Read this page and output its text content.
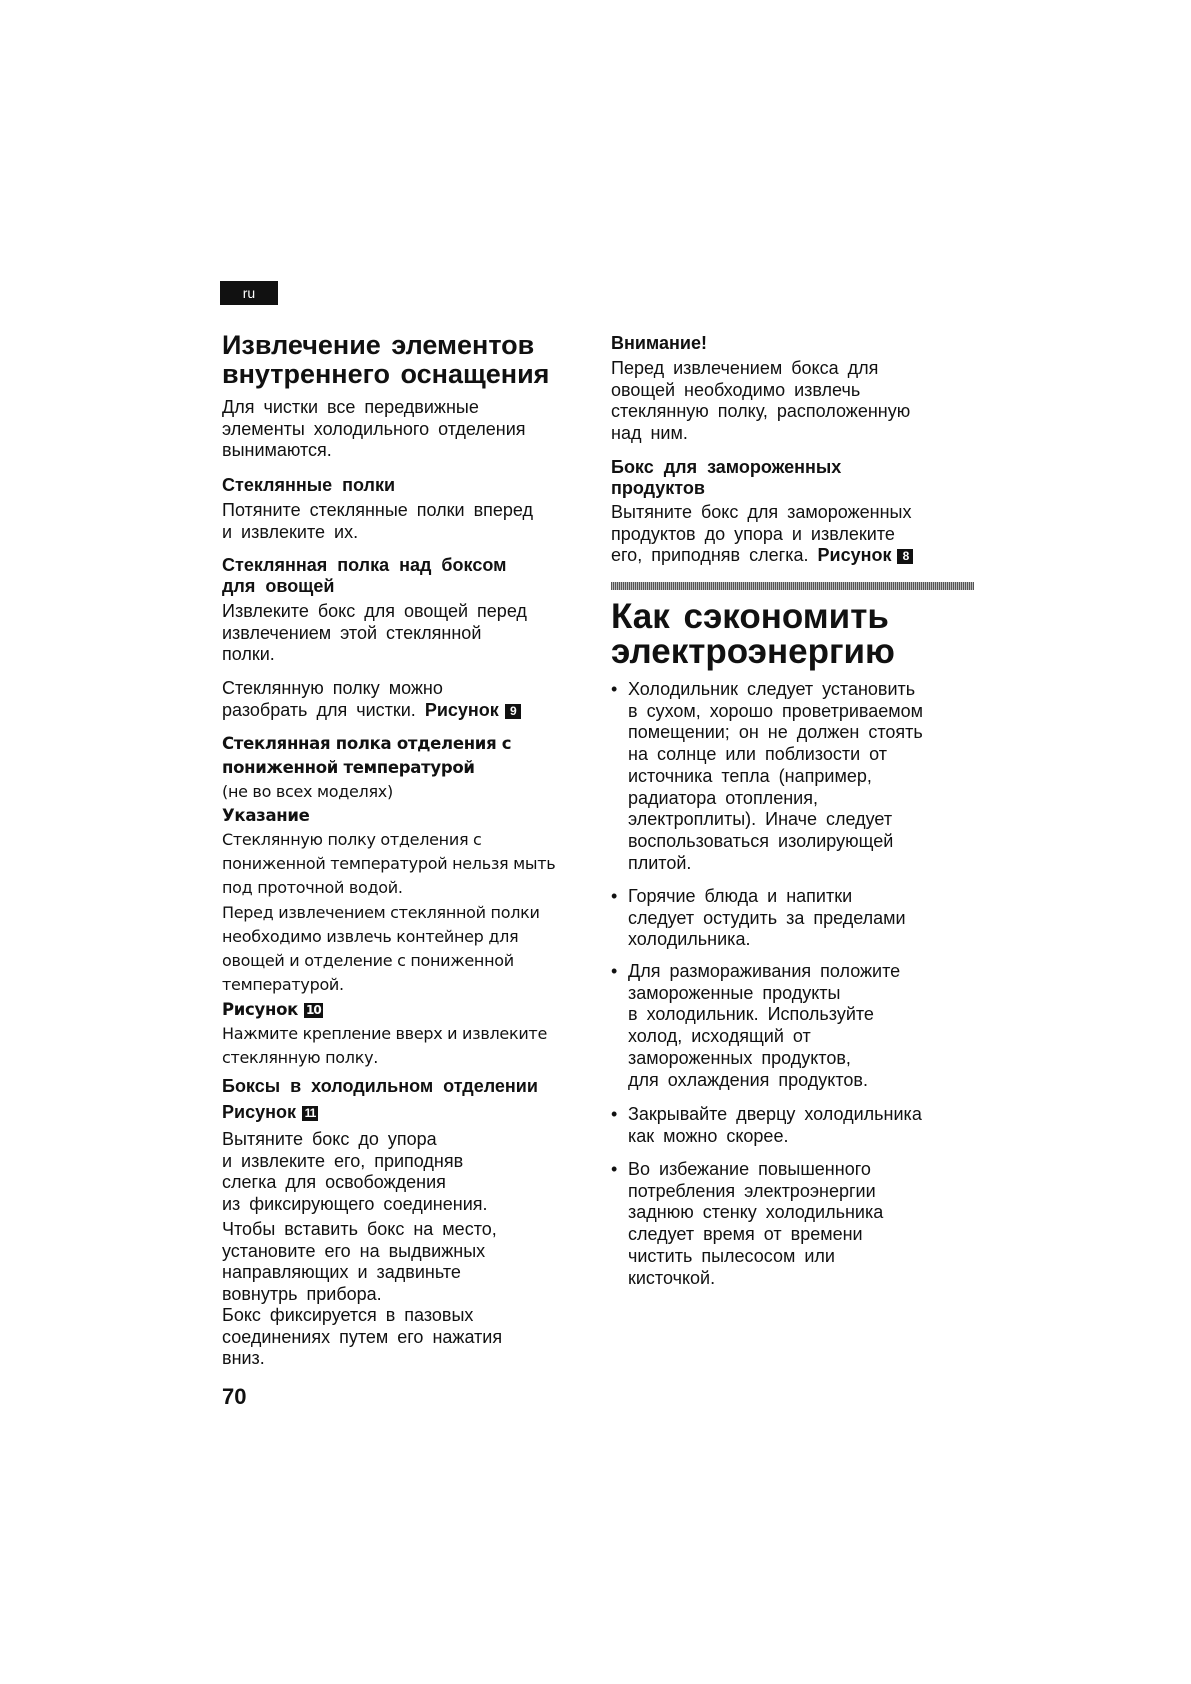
ru
Извлечение элементов
внутреннего оснащения
Для чистки все передвижные
элементы холодильного отделения
вынимаются.
Стеклянные полки
Потяните стеклянные полки вперед
и извлеките их.
Стеклянная полка над боксом
для овощей
Извлеките бокс для овощей перед
извлечением этой стеклянной
полки.
Стеклянную полку можно
разобрать для чистки. Рисунок 9
Стеклянная полка отделения с
пониженной температурой
(не во всех моделях)
Указание
Стеклянную полку отделения с
пониженной температурой нельзя мыть
под проточной водой.
Перед извлечением стеклянной полки
необходимо извлечь контейнер для
овощей и отделение с пониженной
температурой.
Рисунок 10
Нажмите крепление вверх и извлеките
стеклянную полку.
Боксы в холодильном отделении
Рисунок 11
Вытяните бокс до упора
и извлеките его, приподняв
слегка для освобождения
из фиксирующего соединения.
Чтобы вставить бокс на место,
установите его на выдвижных
направляющих и задвиньте
вовнутрь прибора.
Бокс фиксируется в пазовых
соединениях путем его нажатия
вниз.
70
Внимание!
Перед извлечением бокса для
овощей необходимо извлечь
стеклянную полку, расположенную
над ним.
Бокс для замороженных
продуктов
Вытяните бокс для замороженных
продуктов до упора и извлеките
его, приподняв слегка. Рисунок 8
Как сэкономить
электроэнергию
• Холодильник следует установить
в сухом, хорошо проветриваемом
помещении; он не должен стоять
на солнце или поблизости от
источника тепла (например,
радиатора отопления,
электроплиты). Иначе следует
воспользоваться изолирующей
плитой.
• Горячие блюда и напитки
следует остудить за пределами
холодильника.
• Для размораживания положите
замороженные продукты
в холодильник. Используйте
холод, исходящий от
замороженных продуктов,
для охлаждения продуктов.
• Закрывайте дверцу холодильника
как можно скорее.
• Во избежание повышенного
потребления электроэнергии
заднюю стенку холодильника
следует время от времени
чистить пылесосом или
кисточкой.
